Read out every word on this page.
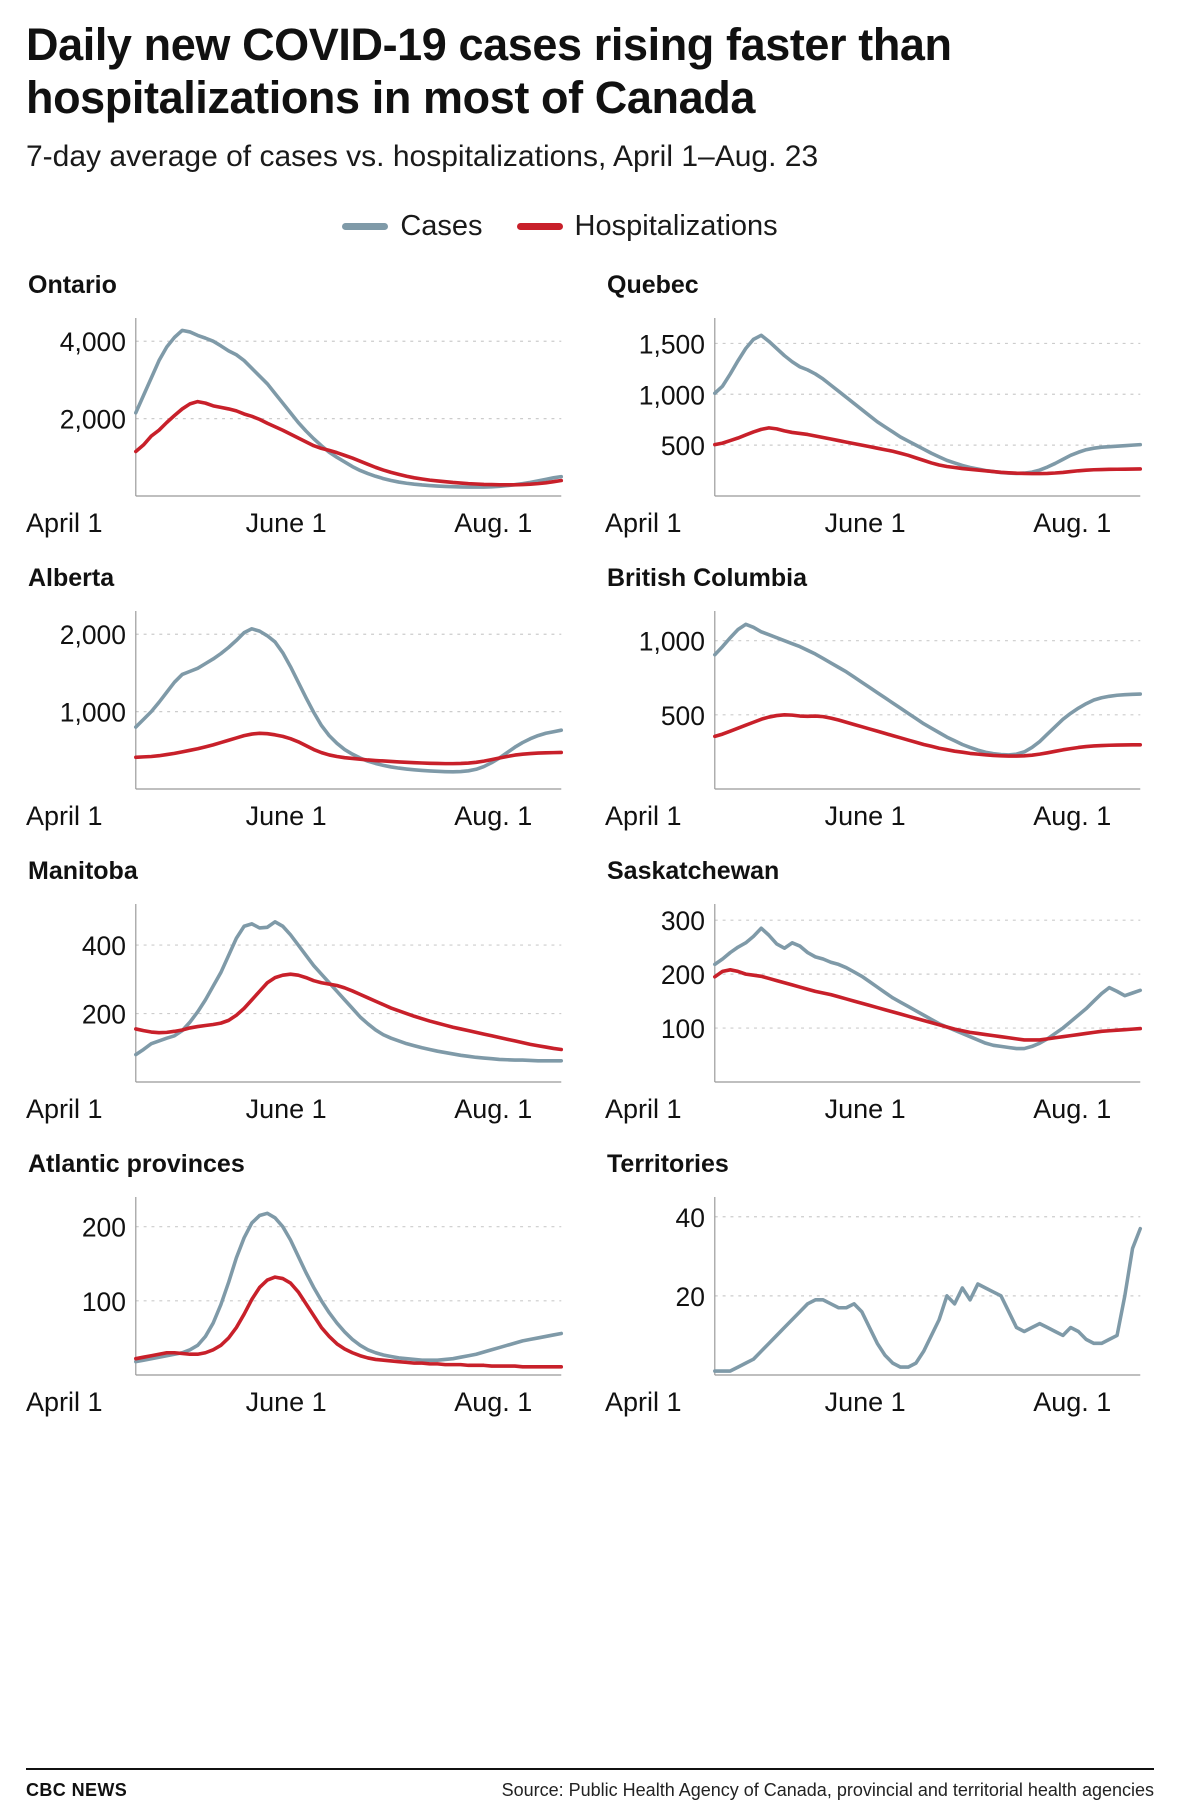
Daily new COVID-19 cases rising faster than hospitalizations in most of Canada
7-day average of cases vs. hospitalizations, April 1–Aug. 23
Cases	Hospitalizations
Ontario
2,000
4,000
April 1	June 1	Aug. 1
Quebec
500
1,000
1,500
April 1	June 1	Aug. 1
Alberta
1,000
2,000
April 1	June 1	Aug. 1
British Columbia
500
1,000
April 1	June 1	Aug. 1
Manitoba
200
400
April 1	June 1	Aug. 1
Saskatchewan
100
200
300
April 1	June 1	Aug. 1
Atlantic provinces
100
200
April 1	June 1	Aug. 1
Territories
20
40
April 1	June 1	Aug. 1
CBC NEWS	Source: Public Health Agency of Canada, provincial and territorial health agencies
